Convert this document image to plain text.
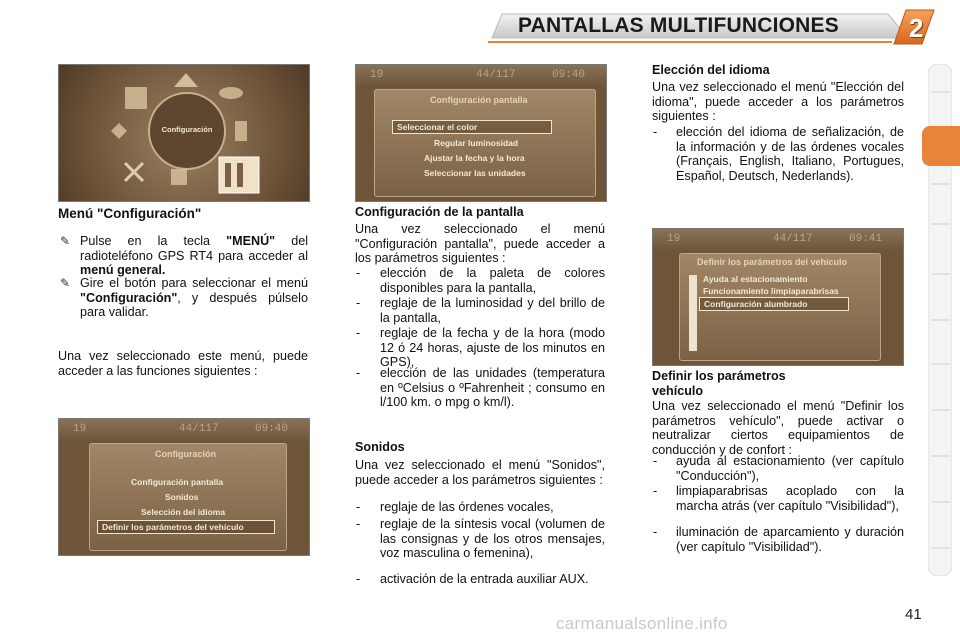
PANTALLAS MULTIFUNCIONES	2
Configuración
19	44/117	09:40
Configuración pantalla
Seleccionar el color
Regular luminosidad
Ajustar la fecha y la hora
Seleccionar las unidades
19	44/117	09:40
Configuración
Configuración pantalla
Sonidos
Selección del idioma
Definir los parámetros del vehículo
19	44/117	09:41
Definir los parámetros del vehículo
Ayuda al estacionamiento
Funcionamiento limpiaparabrisas
Configuración alumbrado
Menú "Configuración"
✎ Pulse en la tecla "MENÚ" del radioteléfono GPS RT4 para acceder al menú general.
✎ Gire el botón para seleccionar el menú "Configuración", y después púlselo para validar.
Una vez seleccionado este menú, puede acceder a las funciones siguientes :
Configuración de la pantalla
Una vez seleccionado el menú "Configuración pantalla", puede acceder a los parámetros siguientes :
- elección de la paleta de colores disponibles para la pantalla,
- reglaje de la luminosidad y del brillo de la pantalla,
- reglaje de la fecha y de la hora (modo 12 ó 24 horas, ajuste de los minutos en GPS),
- elección de las unidades (temperatura en ºCelsius o ºFahrenheit ; consumo en l/100 km. o mpg o km/l).
Sonidos
Una vez seleccionado el menú "Sonidos", puede acceder a los parámetros siguientes :
- reglaje de las órdenes vocales,
- reglaje de la síntesis vocal (volumen de las consignas y de los otros mensajes, voz masculina o femenina),
- activación de la entrada auxiliar AUX.
Elección del idioma
Una vez seleccionado el menú "Elección del idioma", puede acceder a los parámetros siguientes :
- elección del idioma de señalización, de la información y de las órdenes vocales (Français, English, Italiano, Portugues, Español, Deutsch, Nederlands).
Definir los parámetros vehículo
Una vez seleccionado el menú "Definir los parámetros vehículo", puede activar o neutralizar ciertos equipamientos de conducción y de confort :
- ayuda al estacionamiento (ver capítulo "Conducción"),
- limpiaparabrisas acoplado con la marcha atrás (ver capítulo "Visibilidad"),
- iluminación de aparcamiento y duración (ver capítulo "Visibilidad").
carmanualsonline.info	41
